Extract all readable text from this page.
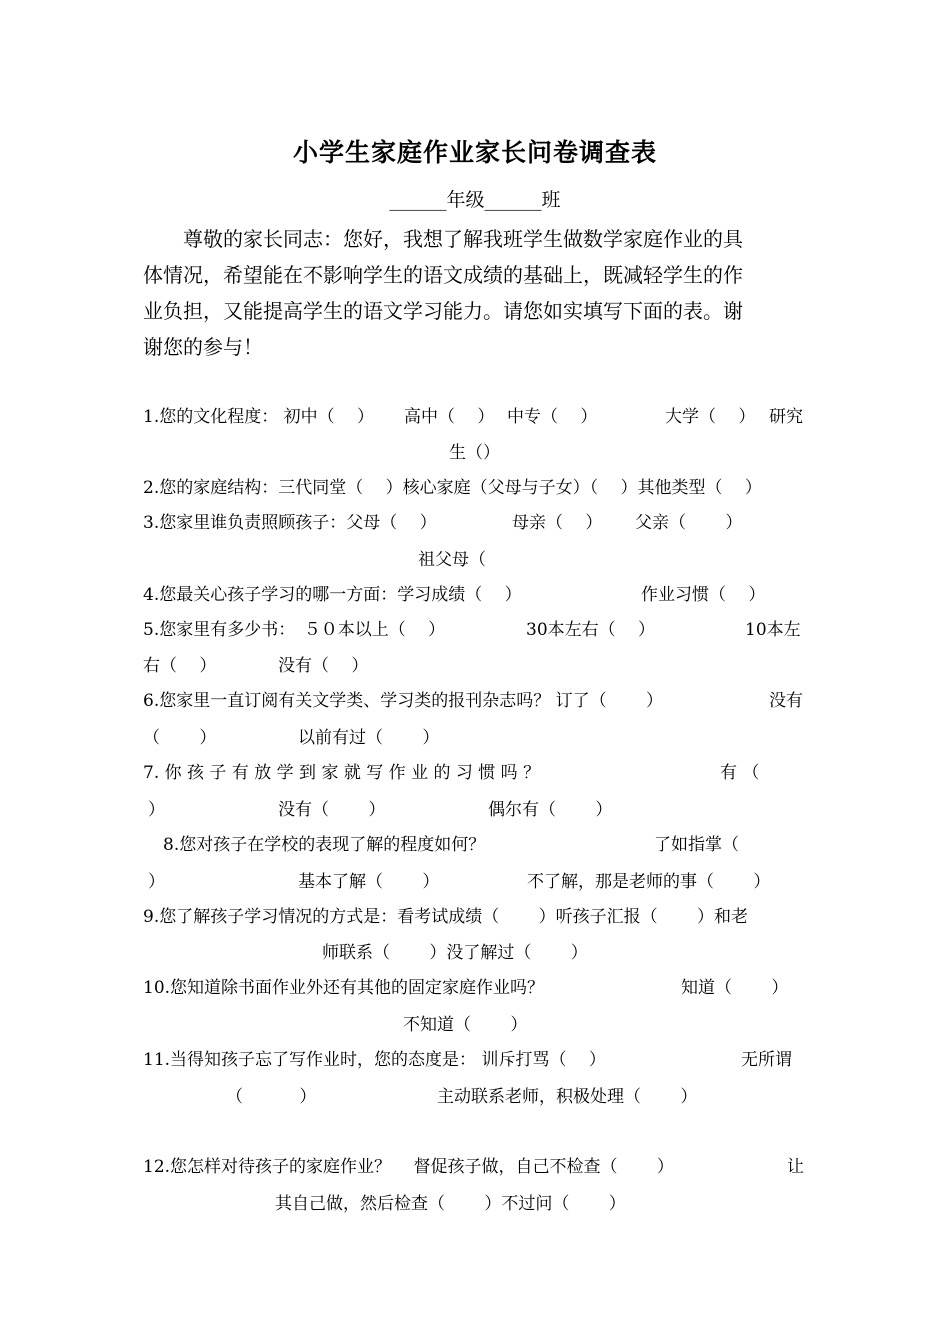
小学生家庭作业家长问卷调查表
______年级______班
　　尊敬的家长同志：您好，我想了解我班学生做数学家庭作业的具
体情况，希望能在不影响学生的语文成绩的基础上，既减轻学生的作
业负担，又能提高学生的语文学习能力。请您如实填写下面的表。谢
谢您的参与！
1.您的文化程度： 初中（　 ） 高中（　 ） 中专（　 ）	大学（　 ） 研究
生（）
2.您的家庭结构：三代同堂（　 ）核心家庭（父母与子女）（　 ）其他类型（　 ）
3.您家里谁负责照顾孩子：父母（　 ）	母亲（　 ） 父亲（　　 ）
祖父母（
4.您最关心孩子学习的哪一方面：学习成绩（　 ）	作业习惯（　 ）
5.您家里有多少书：　５０本以上（　 ）	30本左右（　 ）	10本左
右（　 ）	没有（　 ）
6.您家里一直订阅有关文学类、学习类的报刊杂志吗？ 订了（　　 ）	没有
（　　 ）	以前有过（　　 ）
7. 你 孩 子 有 放 学 到 家 就 写 作 业 的 习 惯 吗 ？	有 （
）	没有（　　 ）	偶尔有（　　 ）
8.您对孩子在学校的表现了解的程度如何？	了如指掌（
）	基本了解（　　 ）	不了解，那是老师的事（　　 ）
9.您了解孩子学习情况的方式是：看考试成绩（　　 ）听孩子汇报（　　 ）和老
师联系（　　 ）没了解过（　　 ）
10.您知道除书面作业外还有其他的固定家庭作业吗？	知道（　　 ）
不知道（　　 ）
11.当得知孩子忘了写作业时，您的态度是： 训斥打骂（　 ）	无所谓
（　　　 ）	主动联系老师，积极处理（　　 ）
12.您怎样对待孩子的家庭作业？　 督促孩子做，自己不检查（　　 ）	让
其自己做，然后检查（　　 ）不过问（　　 ）
